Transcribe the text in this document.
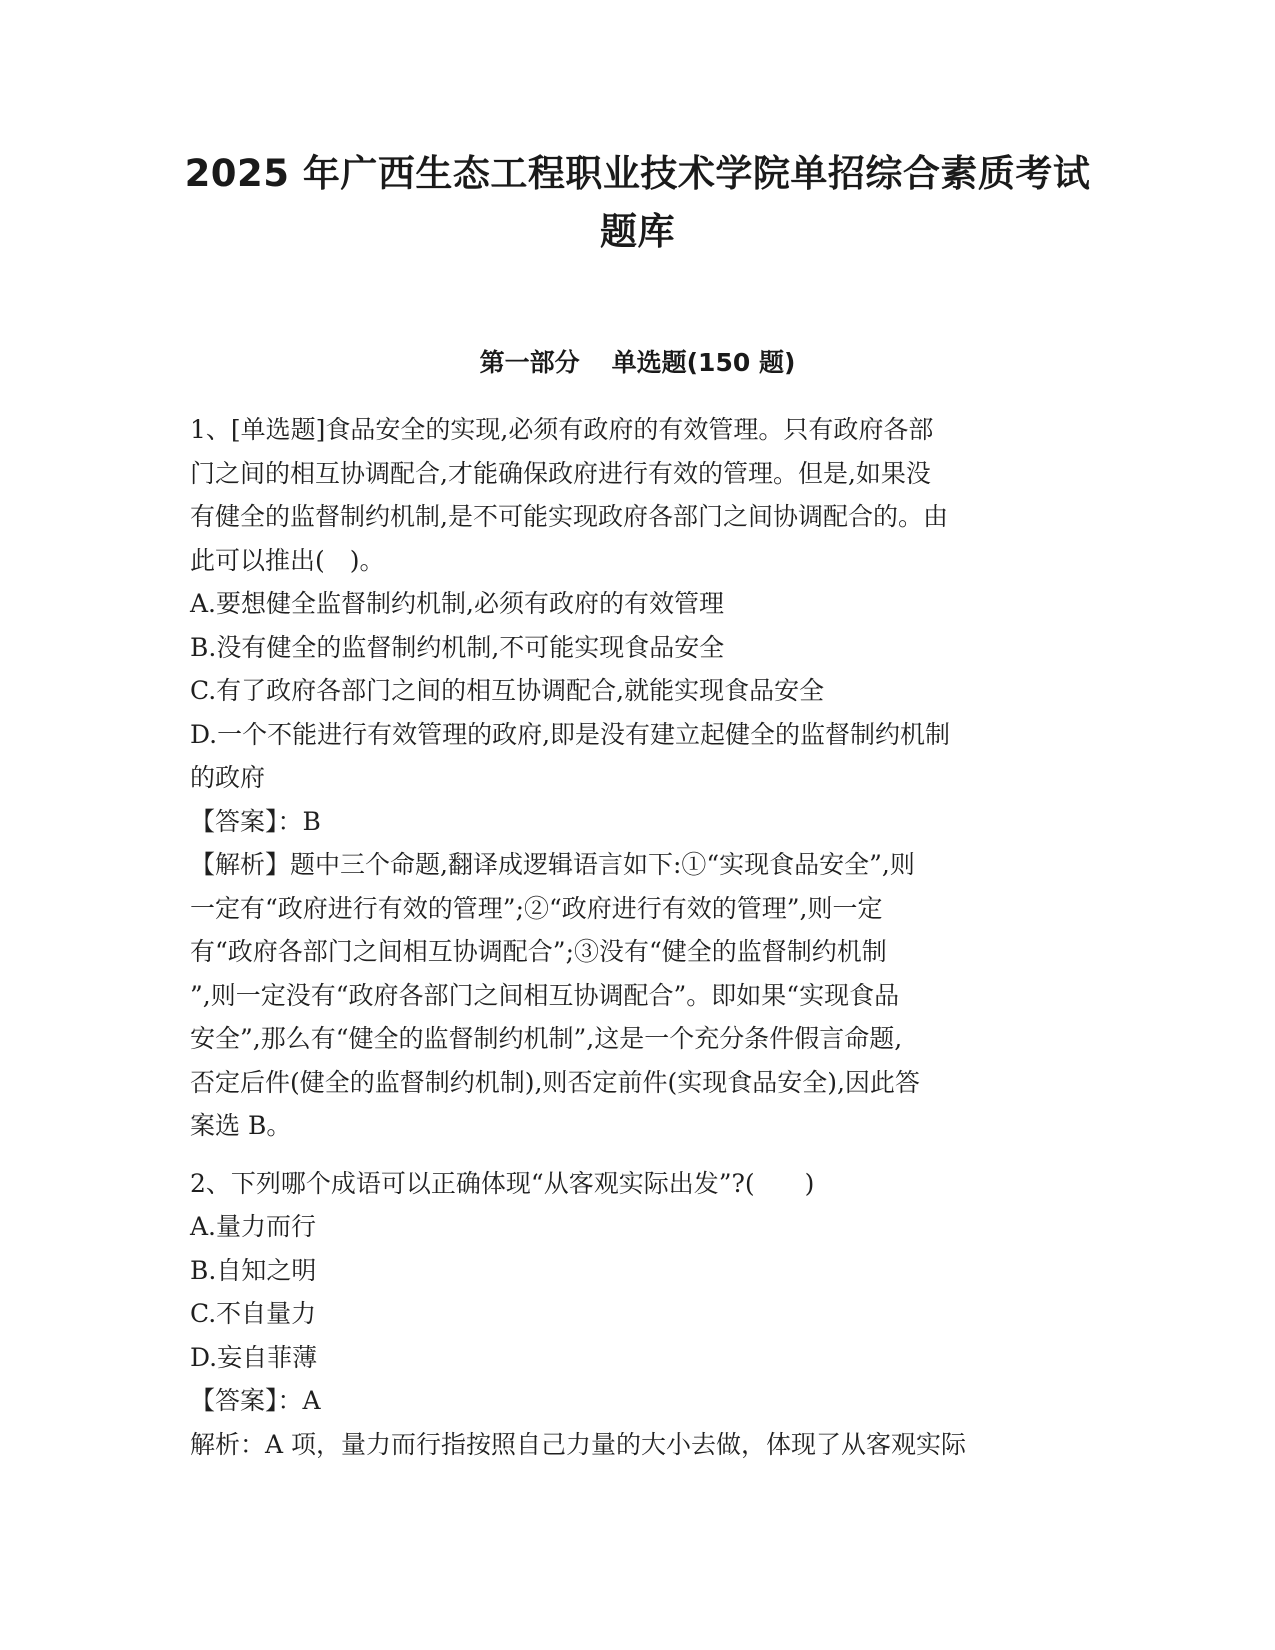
2025 年广西生态工程职业技术学院单招综合素质考试
题库
第一部分 单选题(150 题)
1、[单选题]食品安全的实现,必须有政府的有效管理。只有政府各部
门之间的相互协调配合,才能确保政府进行有效的管理。但是,如果没
有健全的监督制约机制,是不可能实现政府各部门之间协调配合的。由
此可以推出(　)。
A.要想健全监督制约机制,必须有政府的有效管理
B.没有健全的监督制约机制,不可能实现食品安全
C.有了政府各部门之间的相互协调配合,就能实现食品安全
D.一个不能进行有效管理的政府,即是没有建立起健全的监督制约机制
的政府
【答案】：B
【解析】题中三个命题,翻译成逻辑语言如下:①“实现食品安全”,则
一定有“政府进行有效的管理”;②“政府进行有效的管理”,则一定
有“政府各部门之间相互协调配合”;③没有“健全的监督制约机制
”,则一定没有“政府各部门之间相互协调配合”。即如果“实现食品
安全”,那么有“健全的监督制约机制”,这是一个充分条件假言命题,
否定后件(健全的监督制约机制),则否定前件(实现食品安全),因此答
案选 B。
2、下列哪个成语可以正确体现“从客观实际出发”?(　　)
A.量力而行
B.自知之明
C.不自量力
D.妄自菲薄
【答案】：A
解析：A 项，量力而行指按照自己力量的大小去做，体现了从客观实际
